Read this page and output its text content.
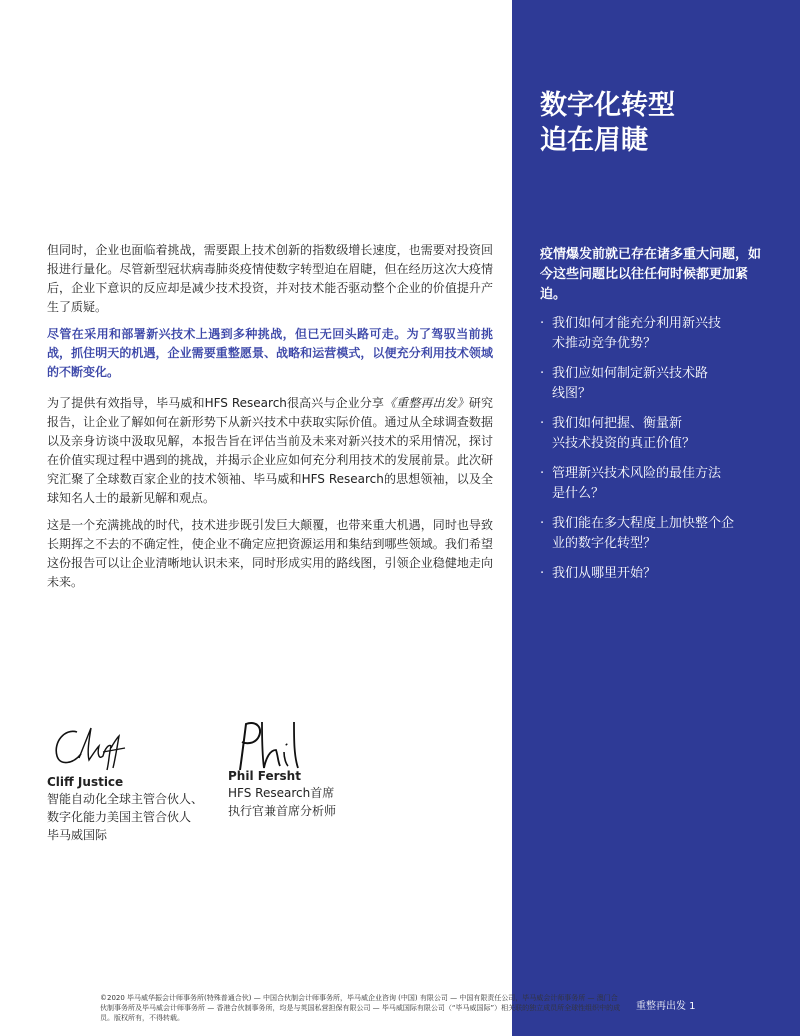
数字化转型
迫在眉睫

疫情爆发前就已存在诸多重大问题，如今这些问题比以往任何时候都更加紧迫。

· 我们如何才能充分利用新兴技
术推动竞争优势？
· 我们应如何制定新兴技术路
线图？
· 我们如何把握、衡量新
兴技术投资的真正价值？
· 管理新兴技术风险的最佳方法
是什么？
· 我们能在多大程度上加快整个企
业的数字化转型？
· 我们从哪里开始？

但同时，企业也面临着挑战，需要跟上技术创新的指数级增长速度，也需要对投资回报进行量化。尽管新型冠状病毒肺炎疫情使数字转型迫在眉睫，但在经历这次大疫情后，企业下意识的反应却是减少技术投资，并对技术能否驱动整个企业的价值提升产生了质疑。

尽管在采用和部署新兴技术上遇到多种挑战，但已无回头路可走。为了驾驭当前挑战，抓住明天的机遇，企业需要重整愿景、战略和运营模式，以便充分利用技术领域的不断变化。

为了提供有效指导，毕马威和HFS Research很高兴与企业分享《重整再出发》研究报告，让企业了解如何在新形势下从新兴技术中获取实际价值。通过从全球调查数据以及亲身访谈中汲取见解，本报告旨在评估当前及未来对新兴技术的采用情况，探讨在价值实现过程中遇到的挑战，并揭示企业应如何充分利用技术的发展前景。此次研究汇聚了全球数百家企业的技术领袖、毕马威和HFS Research的思想领袖，以及全球知名人士的最新见解和观点。

这是一个充满挑战的时代，技术进步既引发巨大颠覆，也带来重大机遇，同时也导致长期挥之不去的不确定性，使企业不确定应把资源运用和集结到哪些领域。我们希望这份报告可以让企业清晰地认识未来，同时形成实用的路线图，引领企业稳健地走向未来。

Cliff Justice
智能自动化全球主管合伙人、
数字化能力美国主管合伙人
毕马威国际
Phil Fersht
HFS Research首席
执行官兼首席分析师
©2020 毕马威华振会计师事务所(特殊普通合伙) — 中国合伙制会计师事务所，毕马威企业咨询 (中国) 有限公司 — 中国有限责任公司，毕马威会计师事务所 — 澳门合伙制事务所及毕马威会计师事务所 — 香港合伙制事务所，均是与英国私营担保有限公司 — 毕马威国际有限公司（“毕马威国际”）相关联的独立成员所全球性组织中的成员。版权所有，不得转载。
重整再出发 1
